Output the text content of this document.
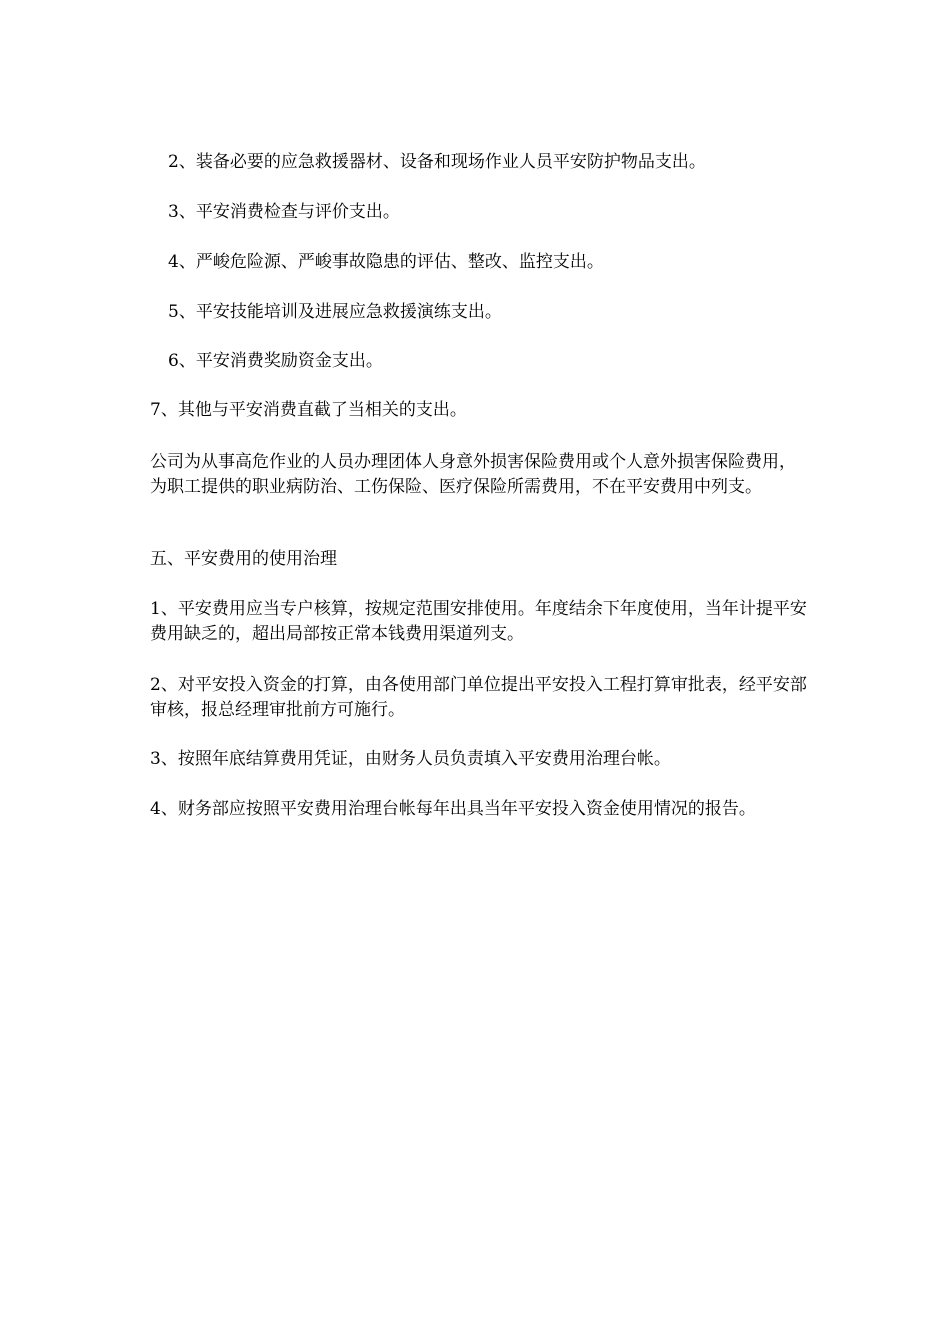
2、装备必要的应急救援器材、设备和现场作业人员平安防护物品支出。

3、平安消费检查与评价支出。

4、严峻危险源、严峻事故隐患的评估、整改、监控支出。

5、平安技能培训及进展应急救援演练支出。

6、平安消费奖励资金支出。

7、其他与平安消费直截了当相关的支出。

公司为从事高危作业的人员办理团体人身意外损害保险费用或个人意外损害保险费用，为职工提供的职业病防治、工伤保险、医疗保险所需费用，不在平安费用中列支。

五、平安费用的使用治理

1、平安费用应当专户核算，按规定范围安排使用。年度结余下年度使用，当年计提平安费用缺乏的，超出局部按正常本钱费用渠道列支。

2、对平安投入资金的打算，由各使用部门单位提出平安投入工程打算审批表，经平安部审核，报总经理审批前方可施行。

3、按照年底结算费用凭证，由财务人员负责填入平安费用治理台帐。

4、财务部应按照平安费用治理台帐每年出具当年平安投入资金使用情况的报告。
